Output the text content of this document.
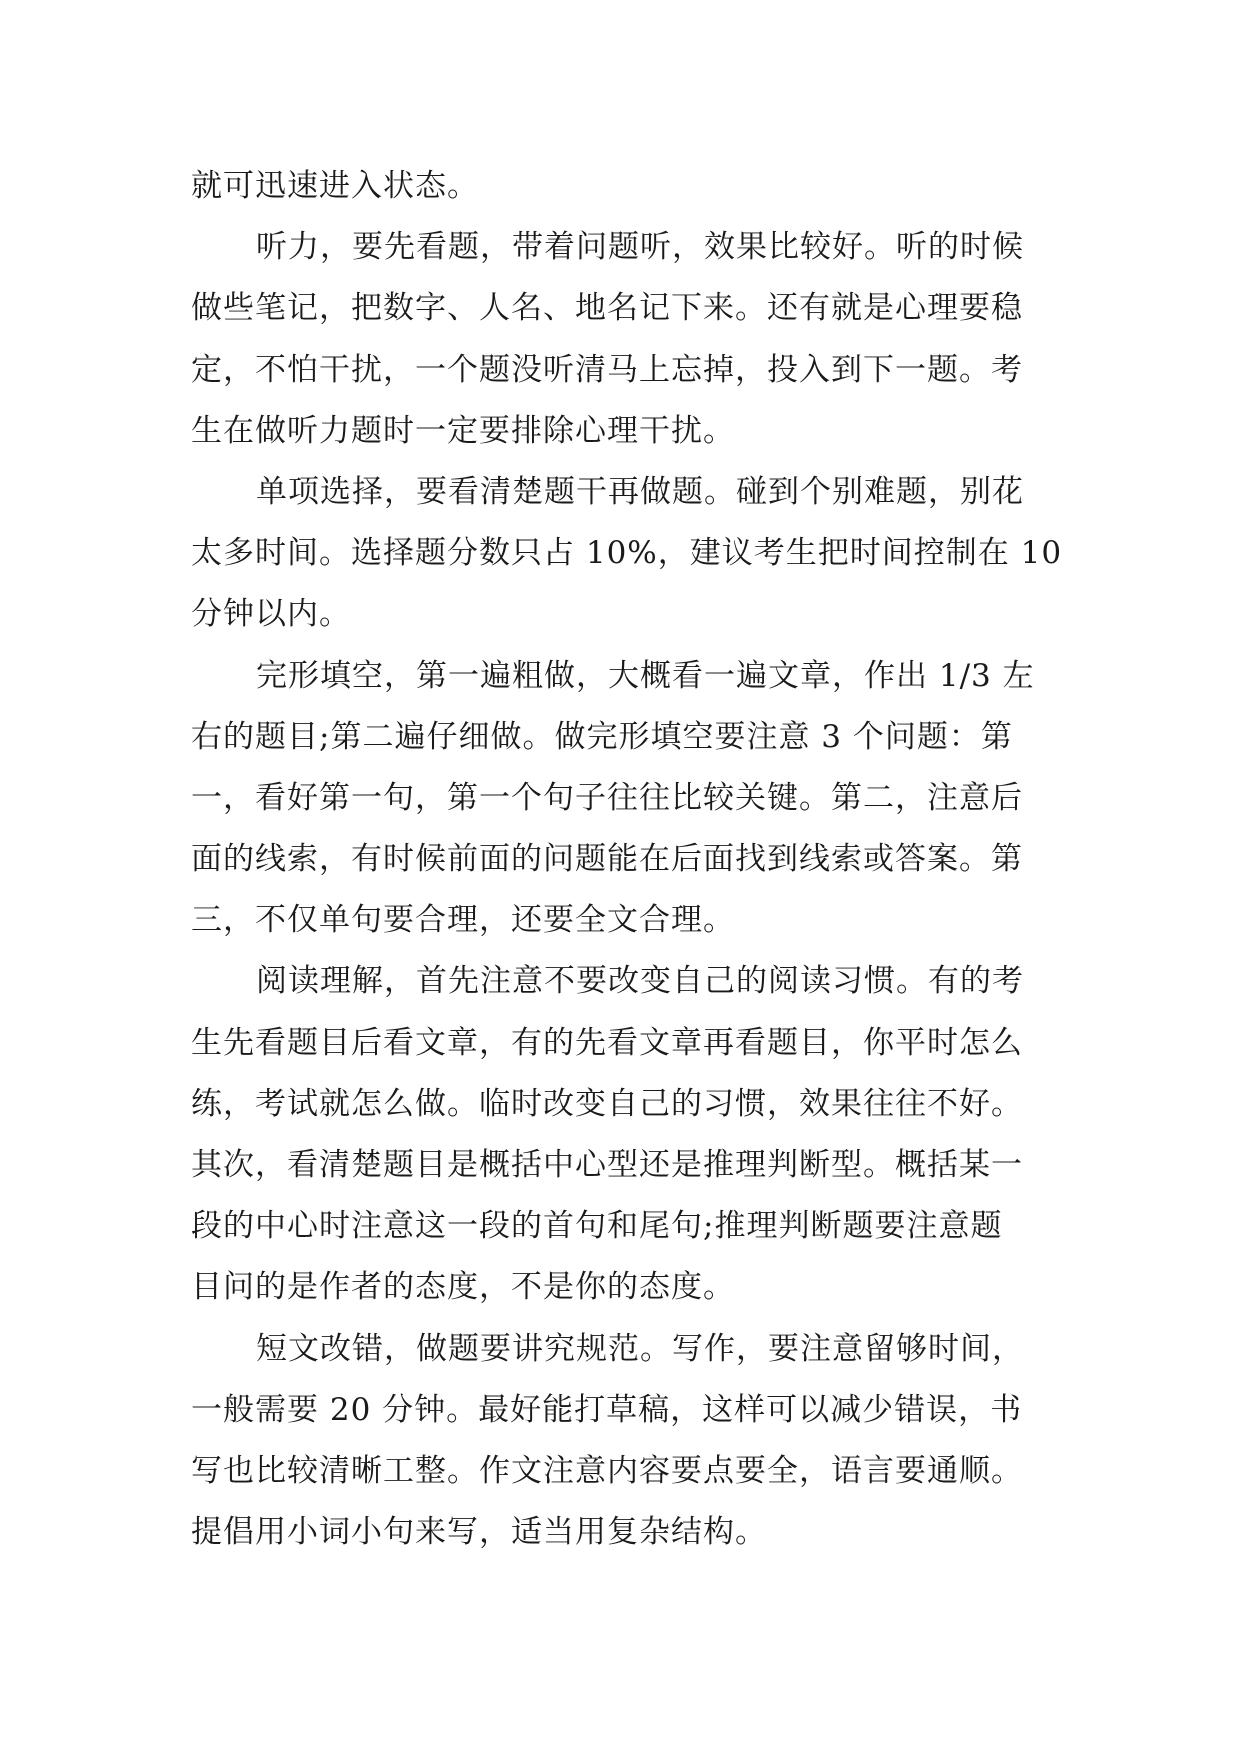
就可迅速进入状态。
听力，要先看题，带着问题听，效果比较好。听的时候
做些笔记，把数字、人名、地名记下来。还有就是心理要稳
定，不怕干扰，一个题没听清马上忘掉，投入到下一题。考
生在做听力题时一定要排除心理干扰。
单项选择，要看清楚题干再做题。碰到个别难题，别花
太多时间。选择题分数只占 10%，建议考生把时间控制在 10
分钟以内。
完形填空，第一遍粗做，大概看一遍文章，作出 1/3 左
右的题目;第二遍仔细做。做完形填空要注意 3 个问题：第
一，看好第一句，第一个句子往往比较关键。第二，注意后
面的线索，有时候前面的问题能在后面找到线索或答案。第
三，不仅单句要合理，还要全文合理。
阅读理解，首先注意不要改变自己的阅读习惯。有的考
生先看题目后看文章，有的先看文章再看题目，你平时怎么
练，考试就怎么做。临时改变自己的习惯，效果往往不好。
其次，看清楚题目是概括中心型还是推理判断型。概括某一
段的中心时注意这一段的首句和尾句;推理判断题要注意题
目问的是作者的态度，不是你的态度。
短文改错，做题要讲究规范。写作，要注意留够时间，
一般需要 20 分钟。最好能打草稿，这样可以减少错误，书
写也比较清晰工整。作文注意内容要点要全，语言要通顺。
提倡用小词小句来写，适当用复杂结构。
